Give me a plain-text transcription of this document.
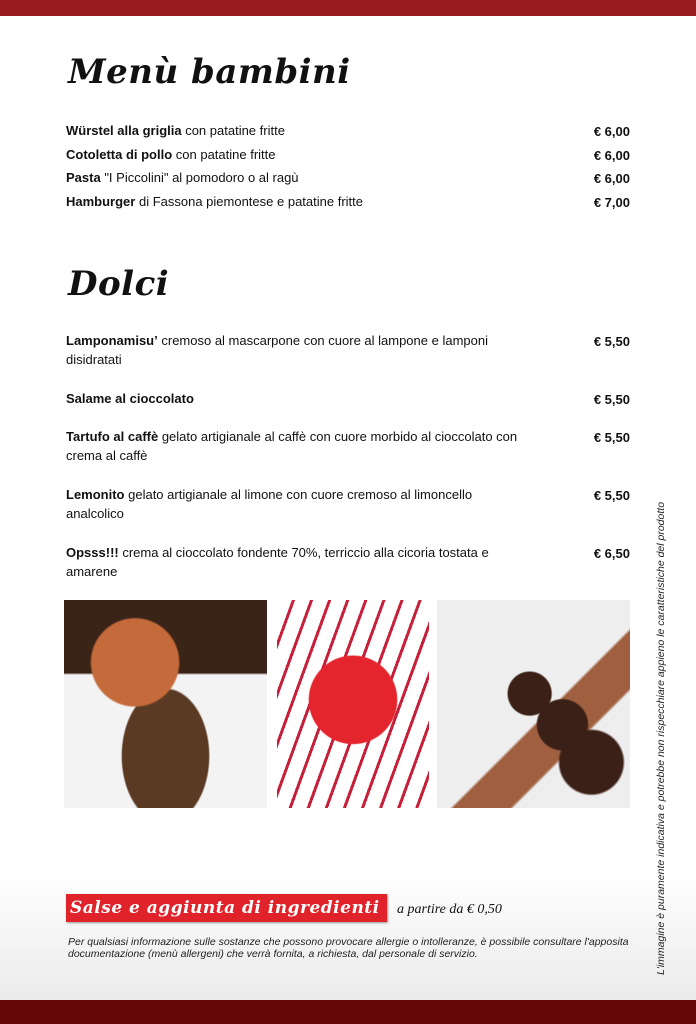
Menù bambini
Würstel alla griglia con patatine fritte	€ 6,00
Cotoletta di pollo con patatine fritte	€ 6,00
Pasta "I Piccolini" al pomodoro o al ragù	€ 6,00
Hamburger di Fassona piemontese e patatine fritte	€ 7,00
Dolci
Lamponamisu’ cremoso al mascarpone con cuore al lampone e lamponi disidratati
€ 5,50
Salame al cioccolato	€ 5,50
Tartufo al caffè gelato artigianale al caffè con cuore morbido al cioccolato con crema al caffè
€ 5,50
Lemonito gelato artigianale al limone con cuore cremoso al limoncello analcolico
€ 5,50
Opsss!!! crema al cioccolato fondente 70%, terriccio alla cicoria tostata e amarene
€ 6,50
Salse e aggiunta di ingredienti	a partire da € 0,50
Per qualsiasi informazione sulle sostanze che possono provocare allergie o intolleranze, è possibile consultare l'apposita documentazione (menù allergeni) che verrà fornita, a richiesta, dal personale di servizio.	L'immagine è puramente indicativa e potrebbe non rispecchiare appieno le caratteristiche del prodotto
